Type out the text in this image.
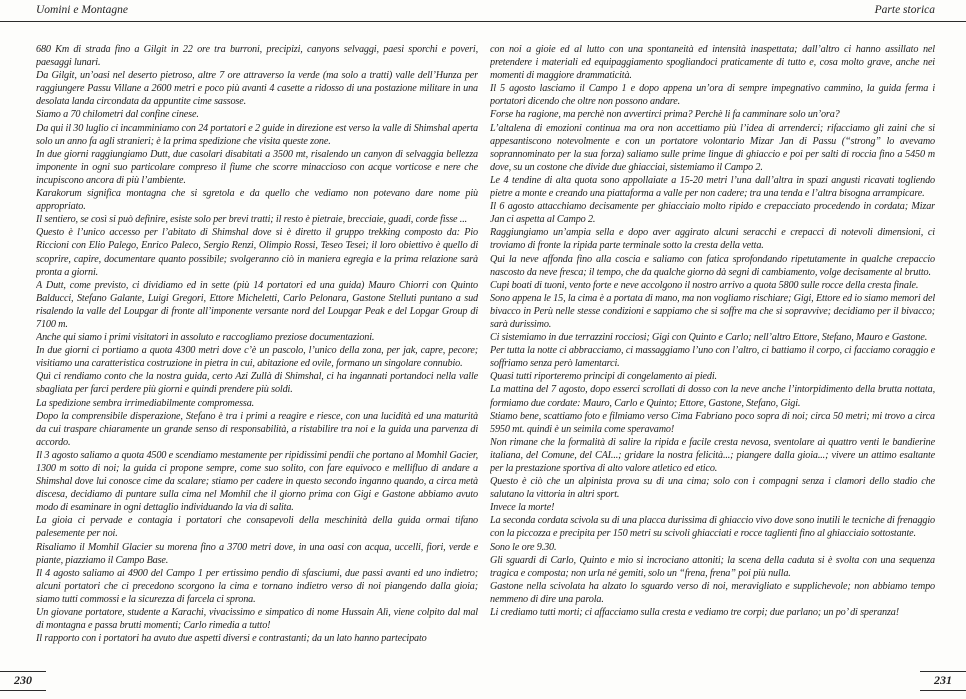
Uomini e Montagne

680 Km di strada fino a Gilgit in 22 ore tra burroni, precipizi, canyons selvaggi, paesi sporchi e poveri, paesaggi lunari.

Da Gilgit, un’oasi nel deserto pietroso, altre 7 ore attraverso la verde (ma solo a tratti) valle dell’Hunza per raggiungere Passu Villane a 2600 metri e poco più avanti 4 casette a ridosso di una postazione militare in una desolata landa circondata da appuntite cime sassose.

Siamo a 70 chilometri dal confine cinese.

Da qui il 30 luglio ci incamminiamo con 24 portatori e 2 guide in direzione est verso la valle di Shimshal aperta solo un anno fa agli stranieri; è la prima spedizione che visita queste zone.

In due giorni raggiungiamo Dutt, due casolari disabitati a 3500 mt, risalendo un canyon di selvaggia bellezza imponente in ogni suo particolare compreso il fiume che scorre minaccioso con acque vorticose e nere che incupiscono ancora di più l’ambiente.

Karakorum significa montagna che si sgretola e da quello che vediamo non potevano dare nome più appropriato.

Il sentiero, se così si può definire, esiste solo per brevi tratti; il resto è pietraie, brecciaie, guadi, corde fisse ...

Questo è l’unico accesso per l’abitato di Shimshal dove si è diretto il gruppo trekking composto da: Pio Riccioni con Elio Palego, Enrico Paleco, Sergio Renzi, Olimpio Rossi, Teseo Tesei; il loro obiettivo è quello di scoprire, capire, documentare quanto possibile; svolgeranno ciò in maniera egregia e la prima relazione sarà pronta a giorni.

A Dutt, come previsto, ci dividiamo ed in sette (più 14 portatori ed una guida) Mauro Chiorri con Quinto Balducci, Stefano Galante, Luigi Gregori, Ettore Micheletti, Carlo Pelonara, Gastone Stelluti puntano a sud risalendo la valle del Loupgar di fronte all’imponente versante nord del Loupgar Peak e del Lopgar Group di 7100 m.

Anche qui siamo i primi visitatori in assoluto e raccogliamo preziose documentazioni.

In due giorni ci portiamo a quota 4300 metri dove c’è un pascolo, l’unico della zona, per jak, capre, pecore; visitiamo una caratteristica costruzione in pietra in cui, abitazione ed ovile, formano un singolare connubio.

Quì ci rendiamo conto che la nostra guida, certo Azi Zullà di Shimshal, ci ha ingannati portandoci nella valle sbagliata per farci perdere più giorni e quindi prendere più soldi.

La spedizione sembra irrimediabilmente compromessa.

Dopo la comprensibile disperazione, Stefano è tra i primi a reagire e riesce, con una lucidità ed una maturità da cui traspare chiaramente un grande senso di responsabilità, a ristabilire tra noi e la guida una parvenza di accordo.

Il 3 agosto saliamo a quota 4500 e scendiamo mestamente per ripidissimi pendii che portano al Momhil Gacier, 1300 m sotto di noi; la guida ci propone sempre, come suo solito, con fare equivoco e mellifluo di andare a Shimshal dove lui conosce cime da scalare; stiamo per cadere in questo secondo inganno quando, a circa metà discesa, decidiamo di puntare sulla cima nel Momhil che il giorno prima con Gigi e Gastone abbiamo avuto modo di esaminare in ogni dettaglio individuando la via di salita.

La gioia ci pervade e contagia i portatori che consapevoli della meschinità della guida ormai tifano palesemente per noi.

Risaliamo il Momhil Glacier su morena fino a 3700 metri dove, in una oasi con acqua, uccelli, fiori, verde e piante, piazziamo il Campo Base.

Il 4 agosto saliamo ai 4900 del Campo 1 per ertissimo pendio di sfasciumi, due passi avanti ed uno indietro; alcuni portatori che ci precedono scorgono la cima e tornano indietro verso di noi piangendo dalla gioia; siamo tutti commossi e la sicurezza di farcela ci sprona.

Un giovane portatore, studente a Karachi, vivacissimo e simpatico di nome Hussain Alì, viene colpito dal mal di montagna e passa brutti momenti; Carlo rimedia a tutto!

Il rapporto con i portatori ha avuto due aspetti diversi e contrastanti; da un lato hanno partecipato

230
Parte storica

con noi a gioie ed al lutto con una spontaneità ed intensità inaspettata; dall’altro ci hanno assillato nel pretendere i materiali ed equipaggiamento spogliandoci praticamente di tutto e, cosa molto grave, anche nei momenti di maggiore drammaticità.

Il 5 agosto lasciamo il Campo 1 e dopo appena un’ora di sempre impegnativo cammino, la guida ferma i portatori dicendo che oltre non possono andare.

Forse ha ragione, ma perchè non avvertirci prima? Perchè li fa camminare solo un’ora?

L’altalena di emozioni continua ma ora non accettiamo più l’idea di arrenderci; rifacciamo gli zaini che si appesantiscono notevolmente e con un portatore volontario Mizar Jan di Passu (“strong” lo avevamo soprannominato per la sua forza) saliamo sulle prime lingue di ghiaccio e poi per salti di roccia fino a 5450 m dove, su un costone che divide due ghiacciai, sistemiamo il Campo 2.

Le 4 tendine di alta quota sono appollaiate a 15-20 metri l’una dall’altra in spazi angusti ricavati togliendo pietre a monte e creando una piattaforma a valle per non cadere; tra una tenda e l’altra bisogna arrampicare.

Il 6 agosto attacchiamo decisamente per ghiacciaio molto ripido e crepacciato procedendo in cordata; Mizar Jan ci aspetta al Campo 2.

Raggiungiamo un’ampia sella e dopo aver aggirato alcuni seracchi e crepacci di notevoli dimensioni, ci troviamo di fronte la ripida parte terminale sotto la cresta della vetta.

Qui la neve affonda fino alla coscia e saliamo con fatica sprofondando ripetutamente in qualche crepaccio nascosto da neve fresca; il tempo, che da qualche giorno dà segni di cambiamento, volge decisamente al brutto.

Cupi boati di tuoni, vento forte e neve accolgono il nostro arrivo a quota 5800 sulle rocce della cresta finale.

Sono appena le 15, la cima è a portata di mano, ma non vogliamo rischiare; Gigi, Ettore ed io siamo memori del bivacco in Perù nelle stesse condizioni e sappiamo che si soffre ma che si sopravvive; decidiamo per il bivacco; sarà durissimo.

Ci sistemiamo in due terrazzini rocciosi; Gigi con Quinto e Carlo; nell’altro Ettore, Stefano, Mauro e Gastone.

Per tutta la notte ci abbracciamo, ci massaggiamo l’uno con l’altro, ci battiamo il corpo, ci facciamo coraggio e soffriamo senza però lamentarci.

Quasi tutti riporteremo principi di congelamento ai piedi.

La mattina del 7 agosto, dopo esserci scrollati di dosso con la neve anche l’intorpidimento della brutta nottata, formiamo due cordate: Mauro, Carlo e Quinto; Ettore, Gastone, Stefano, Gigi.

Stiamo bene, scattiamo foto e filmiamo verso Cima Fabriano poco sopra di noi; circa 50 metri; mi trovo a circa 5950 mt. quindi è un seimila come speravamo!

Non rimane che la formalità di salire la ripida e facile cresta nevosa, sventolare ai quattro venti le bandierine italiana, del Comune, del CAI...; gridare la nostra felicità...; piangere dalla gioia...; vivere un attimo esaltante per la prestazione sportiva di alto valore atletico ed etico.

Questo è ciò che un alpinista prova su di una cima; solo con i compagni senza i clamori dello stadio che salutano la vittoria in altri sport.

Invece la morte!

La seconda cordata scivola su di una placca durissima di ghiaccio vivo dove sono inutili le tecniche di frenaggio con la piccozza e precipita per 150 metri su scivoli ghiacciati e rocce taglienti fino al ghiacciaio sottostante.

Sono le ore 9.30.

Gli sguardi di Carlo, Quinto e mio si incrociano attoniti; la scena della caduta si è svolta con una sequenza tragica e composta; non urla né gemiti, solo un “frena, frena” poi più nulla.

Gastone nella scivolata ha alzato lo sguardo verso di noi, meravigliato e supplichevole; non abbiamo tempo nemmeno di dire una parola.

Li crediamo tutti morti; ci affacciamo sulla cresta e vediamo tre corpi; due parlano; un po’ di speranza!

231
